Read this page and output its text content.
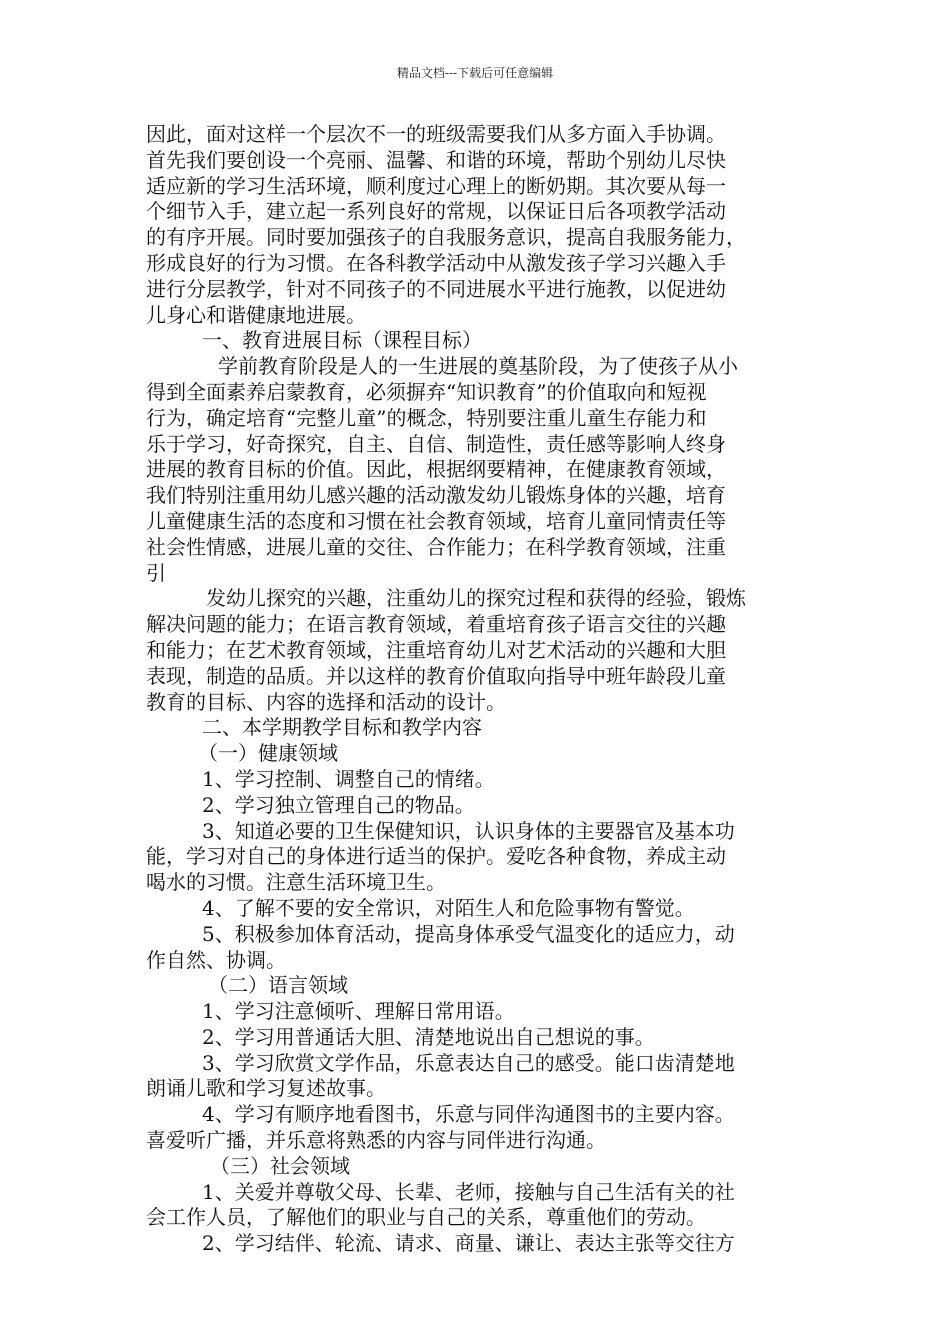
精品文档---下载后可任意编辑
因此，面对这样一个层次不一的班级需要我们从多方面入手协调。
首先我们要创设一个亮丽、温馨、和谐的环境，帮助个别幼儿尽快
适应新的学习生活环境，顺利度过心理上的断奶期。其次要从每一
个细节入手，建立起一系列良好的常规，以保证日后各项教学活动
的有序开展。同时要加强孩子的自我服务意识，提高自我服务能力，
形成良好的行为习惯。在各科教学活动中从激发孩子学习兴趣入手
进行分层教学，针对不同孩子的不同进展水平进行施教，以促进幼
儿身心和谐健康地进展。
一、教育进展目标（课程目标）
学前教育阶段是人的一生进展的奠基阶段，为了使孩子从小
得到全面素养启蒙教育，必须摒弃“知识教育”的价值取向和短视
行为，确定培育“完整儿童”的概念，特别要注重儿童生存能力和
乐于学习，好奇探究，自主、自信、制造性，责任感等影响人终身
进展的教育目标的价值。因此，根据纲要精神，在健康教育领域，
我们特别注重用幼儿感兴趣的活动激发幼儿锻炼身体的兴趣，培育
儿童健康生活的态度和习惯在社会教育领域，培育儿童同情责任等
社会性情感，进展儿童的交往、合作能力；在科学教育领域，注重
引
发幼儿探究的兴趣，注重幼儿的探究过程和获得的经验，锻炼
解决问题的能力；在语言教育领域，着重培育孩子语言交往的兴趣
和能力；在艺术教育领域，注重培育幼儿对艺术活动的兴趣和大胆
表现，制造的品质。并以这样的教育价值取向指导中班年龄段儿童
教育的目标、内容的选择和活动的设计。
二、本学期教学目标和教学内容
（一）健康领域
1、学习控制、调整自己的情绪。
2、学习独立管理自己的物品。
3、知道必要的卫生保健知识，认识身体的主要器官及基本功
能，学习对自己的身体进行适当的保护。爱吃各种食物，养成主动
喝水的习惯。注意生活环境卫生。
4、了解不要的安全常识，对陌生人和危险事物有警觉。
5、积极参加体育活动，提高身体承受气温变化的适应力，动
作自然、协调。
（二）语言领域
1、学习注意倾听、理解日常用语。
2、学习用普通话大胆、清楚地说出自己想说的事。
3、学习欣赏文学作品，乐意表达自己的感受。能口齿清楚地
朗诵儿歌和学习复述故事。
4、学习有顺序地看图书，乐意与同伴沟通图书的主要内容。
喜爱听广播，并乐意将熟悉的内容与同伴进行沟通。
（三）社会领域
1、关爱并尊敬父母、长辈、老师，接触与自己生活有关的社
会工作人员，了解他们的职业与自己的关系，尊重他们的劳动。
2、学习结伴、轮流、请求、商量、谦让、表达主张等交往方
